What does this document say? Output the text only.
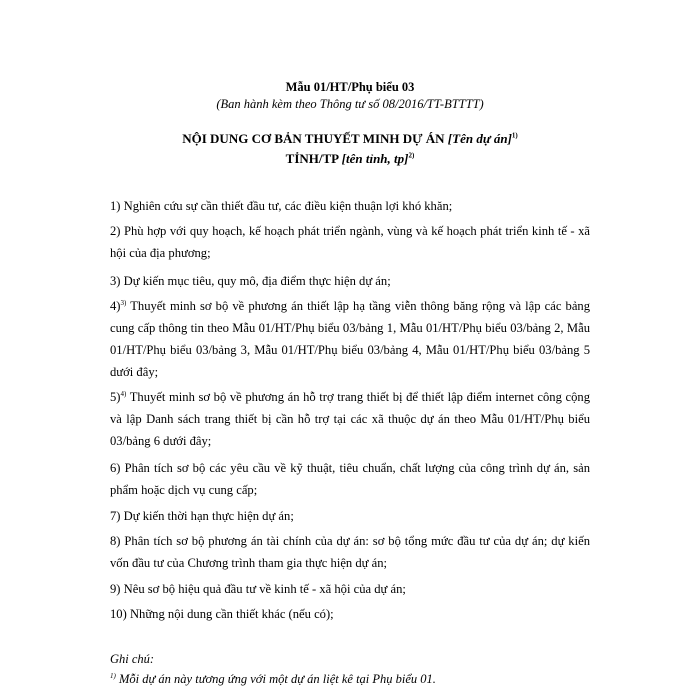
Mẫu 01/HT/Phụ biểu 03
(Ban hành kèm theo Thông tư số 08/2016/TT-BTTTT)
NỘI DUNG CƠ BẢN THUYẾT MINH DỰ ÁN [Tên dự án]$^{1)}$
TỈNH/TP [tên tỉnh, tp]$^{2)}$
1) Nghiên cứu sự cần thiết đầu tư, các điều kiện thuận lợi khó khăn;
2) Phù hợp với quy hoạch, kế hoạch phát triển ngành, vùng và kế hoạch phát triển kinh tế - xã hội của địa phương;
3) Dự kiến mục tiêu, quy mô, địa điểm thực hiện dự án;
4)$^{3)}$ Thuyết minh sơ bộ về phương án thiết lập hạ tầng viễn thông băng rộng và lập các bảng cung cấp thông tin theo Mẫu 01/HT/Phụ biểu 03/bảng 1, Mẫu 01/HT/Phụ biểu 03/bảng 2, Mẫu 01/HT/Phụ biểu 03/bảng 3, Mẫu 01/HT/Phụ biểu 03/bảng 4, Mẫu 01/HT/Phụ biểu 03/bảng 5 dưới đây;
5)$^{4)}$ Thuyết minh sơ bộ về phương án hỗ trợ trang thiết bị để thiết lập điểm internet công cộng và lập Danh sách trang thiết bị cần hỗ trợ tại các xã thuộc dự án theo Mẫu 01/HT/Phụ biểu 03/bảng 6 dưới đây;
6) Phân tích sơ bộ các yêu cầu về kỹ thuật, tiêu chuẩn, chất lượng của công trình dự án, sản phẩm hoặc dịch vụ cung cấp;
7) Dự kiến thời hạn thực hiện dự án;
8) Phân tích sơ bộ phương án tài chính của dự án: sơ bộ tổng mức đầu tư của dự án; dự kiến vốn đầu tư của Chương trình tham gia thực hiện dự án;
9) Nêu sơ bộ hiệu quả đầu tư về kinh tế - xã hội của dự án;
10) Những nội dung cần thiết khác (nếu có);
Ghi chú:
$^{1)}$ Mỗi dự án này tương ứng với một dự án liệt kê tại Phụ biểu 01.
